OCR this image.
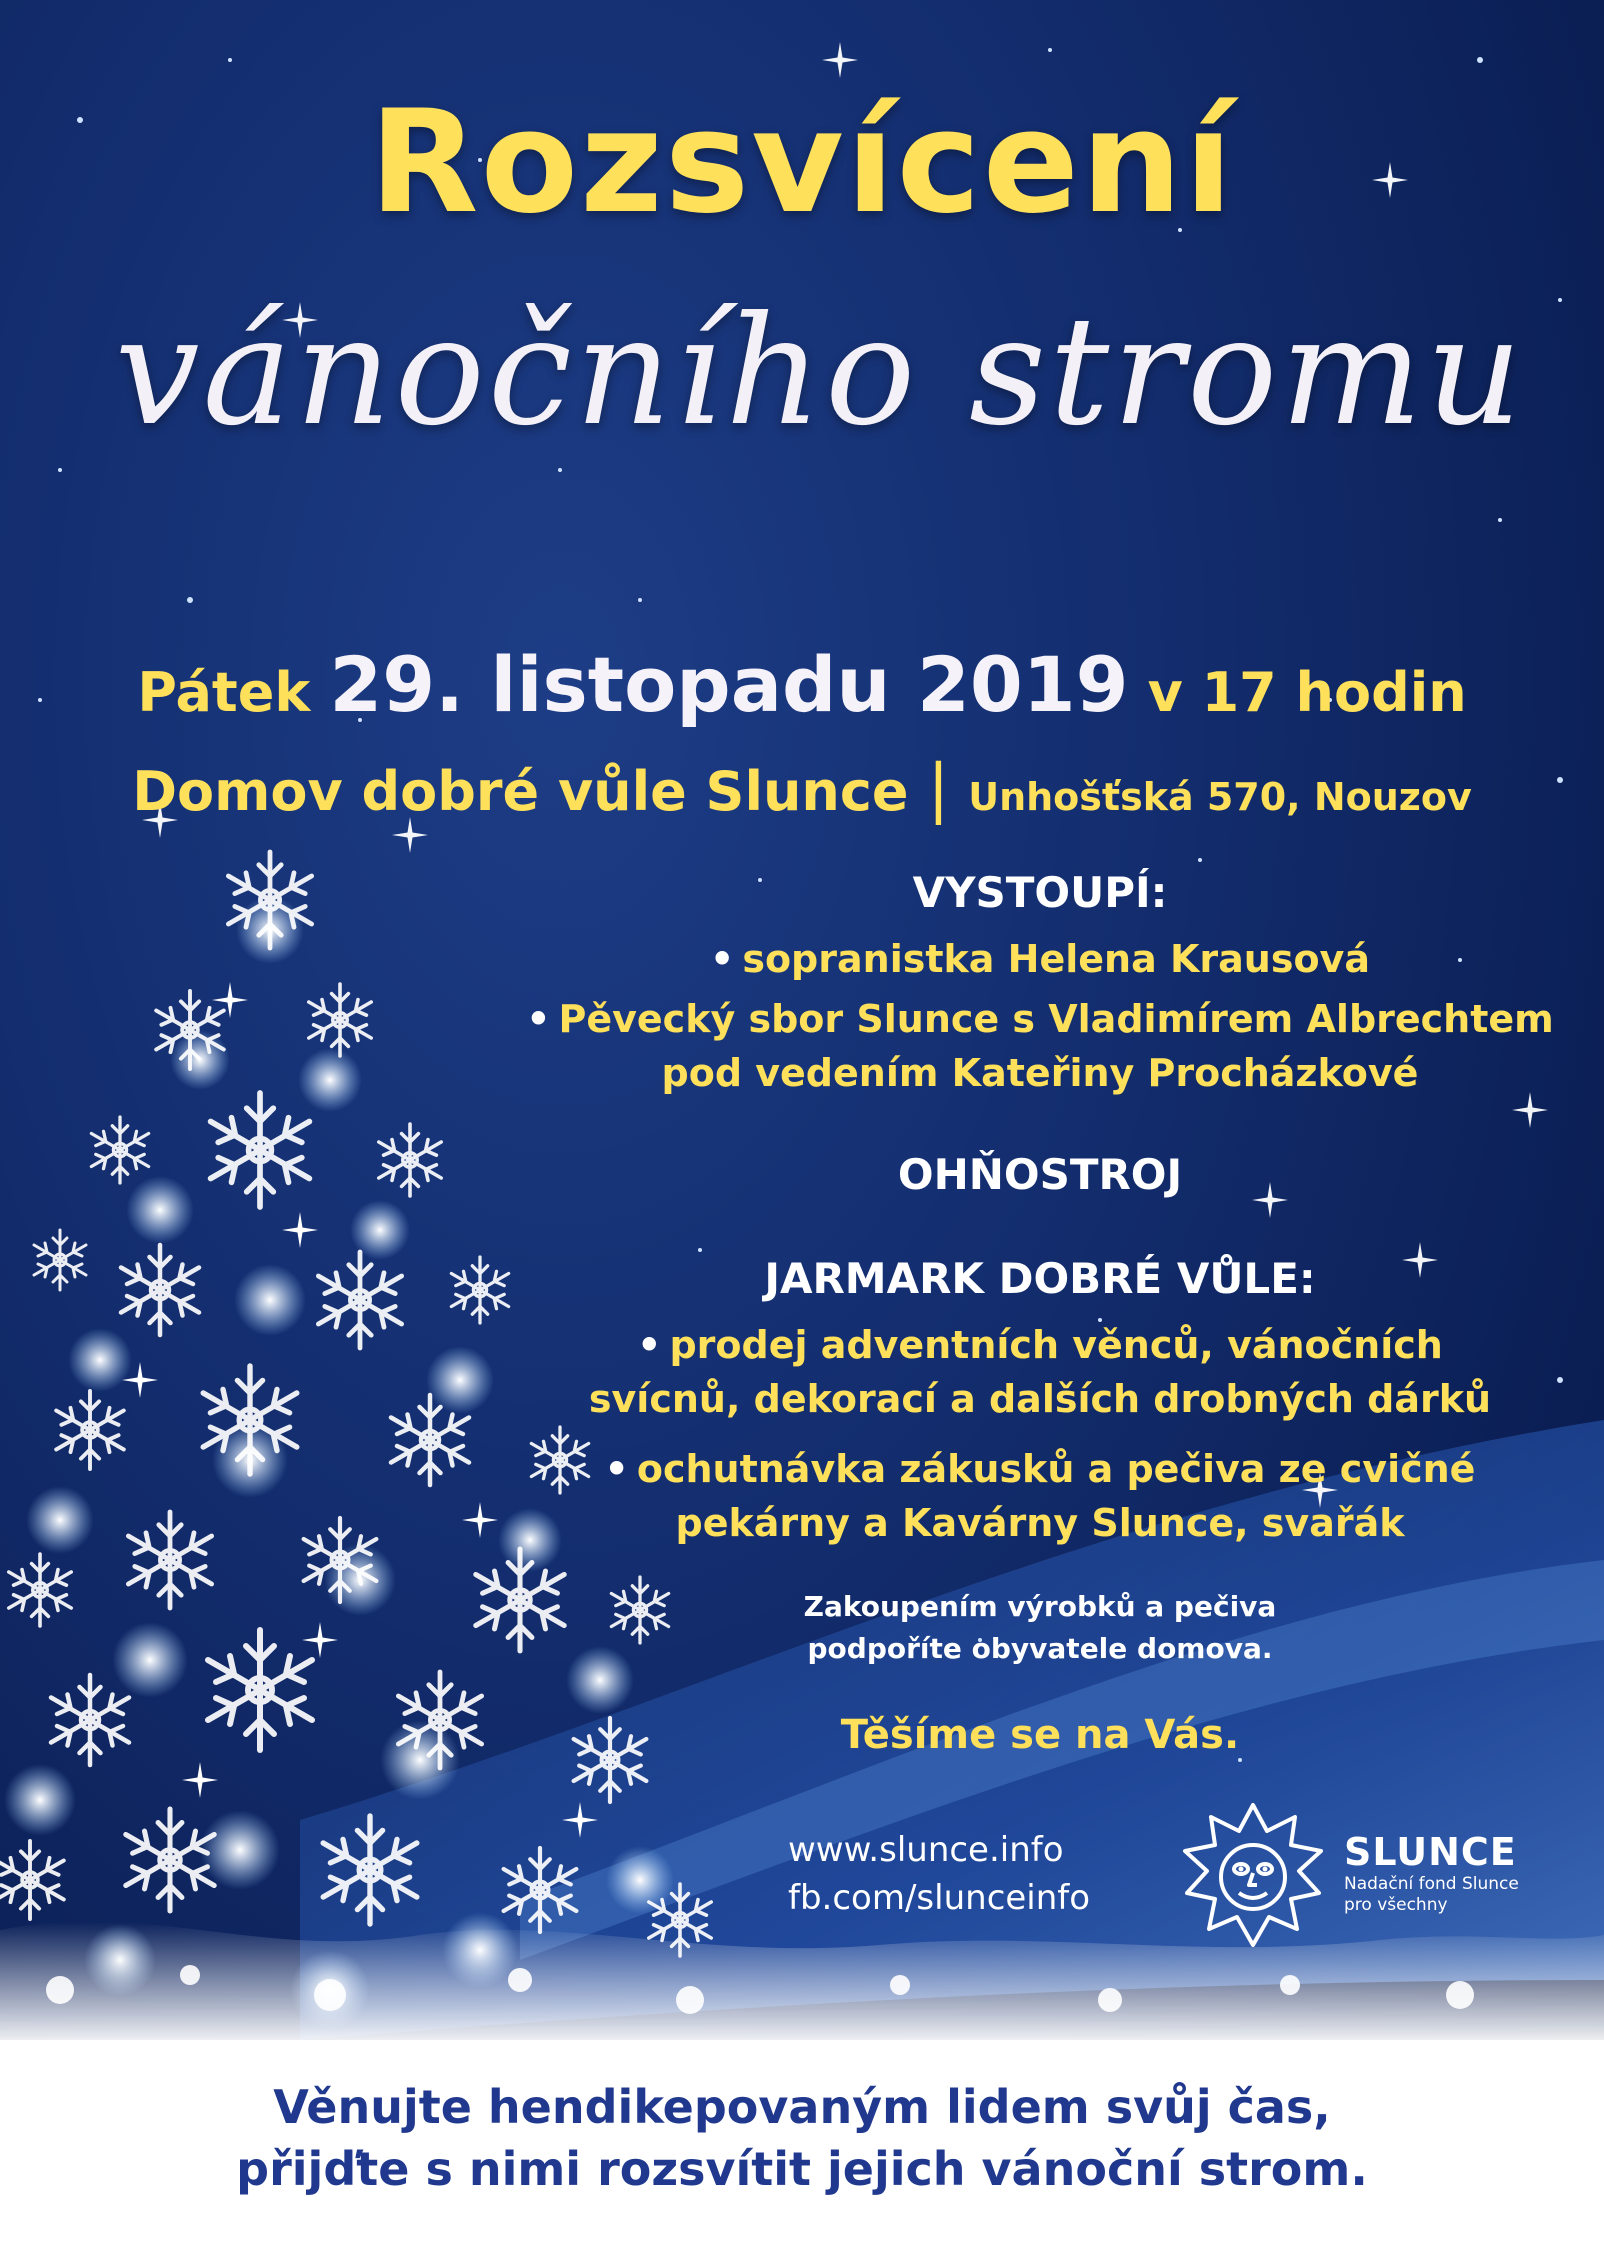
Rozsvícení
vánočního stromu
Pátek 29. listopadu 2019 v 17 hodin
Domov dobré vůle Slunce | Unhošťská 570, Nouzov
VYSTOUPÍ:
• sopranistka Helena Krausová
• Pěvecký sbor Slunce s Vladimírem Albrechtem
pod vedením Kateřiny Procházkové
OHŇOSTROJ
JARMARK DOBRÉ VŮLE:
• prodej adventních věnců, vánočních
svícnů, dekorací a dalších drobných dárků
• ochutnávka zákusků a pečiva ze cvičné
pekárny a Kavárny Slunce, svařák
Zakoupením výrobků a pečiva
podpoříte obyvatele domova.
Těšíme se na Vás.
www.slunce.info
fb.com/slunceinfo
SLUNCE
Nadační fond Slunce
pro všechny
Věnujte hendikepovaným lidem svůj čas,
přijďte s nimi rozsvítit jejich vánoční strom.
